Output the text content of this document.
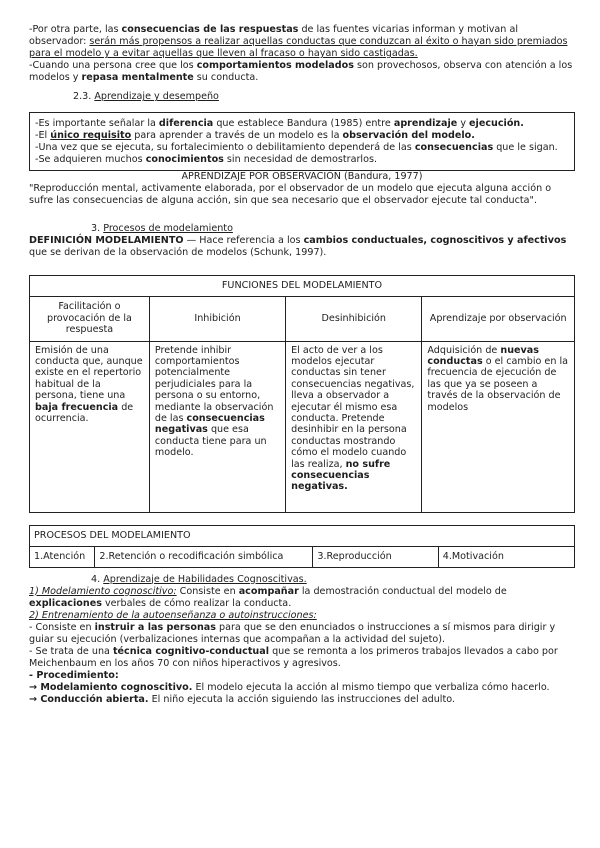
-Por otra parte, las consecuencias de las respuestas de las fuentes vicarias informan y motivan al observador: serán más propensos a realizar aquellas conductas que conduzcan al éxito o hayan sido premiados para el modelo y a evitar aquellas que lleven al fracaso o hayan sido castigadas.

-Cuando una persona cree que los comportamientos modelados son provechosos, observa con atención a los modelos y repasa mentalmente su conducta.

2.3. Aprendizaje y desempeño

-Es importante señalar la diferencia que establece Bandura (1985) entre aprendizaje y ejecución.

-El único requisito para aprender a través de un modelo es la observación del modelo.

-Una vez que se ejecuta, su fortalecimiento o debilitamiento dependerá de las consecuencias que le sigan.

-Se adquieren muchos conocimientos sin necesidad de demostrarlos.

APRENDIZAJE POR OBSERVACIÓN (Bandura, 1977)

"Reproducción mental, activamente elaborada, por el observador de un modelo que ejecuta alguna acción o sufre las consecuencias de alguna acción, sin que sea necesario que el observador ejecute tal conducta".

3. Procesos de modelamiento

DEFINICIÓN MODELAMIENTO — Hace referencia a los cambios conductuales, cognoscitivos y afectivos que se derivan de la observación de modelos (Schunk, 1997).

FUNCIONES DEL MODELAMIENTO			
Facilitación o provocación de la respuesta	Inhibición	Desinhibición	Aprendizaje por observación
Emisión de una conducta que, aunque existe en el repertorio habitual de la persona, tiene una baja frecuencia de ocurrencia.	Pretende inhibir comportamientos potencialmente perjudiciales para la persona o su entorno, mediante la observación de las consecuencias negativas que esa conducta tiene para un modelo.	El acto de ver a los modelos ejecutar conductas sin tener consecuencias negativas, lleva a observador a ejecutar él mismo esa conducta. Pretende desinhibir en la persona conductas mostrando cómo el modelo cuando las realiza, no sufre consecuencias negativas.	Adquisición de nuevas conductas o el cambio en la frecuencia de ejecución de las que ya se poseen a través de la observación de modelos
PROCESOS DEL MODELAMIENTO
1.Atención	2.Retención o recodificación simbólica	3.Reproducción	4.Motivación

4. Aprendizaje de Habilidades Cognoscitivas.

1) Modelamiento cognoscitivo: Consiste en acompañar la demostración conductual del modelo de explicaciones verbales de cómo realizar la conducta.

2) Entrenamiento de la autoenseñanza o autoinstrucciones:

- Consiste en instruir a las personas para que se den enunciados o instrucciones a sí mismos para dirigir y guiar su ejecución (verbalizaciones internas que acompañan a la actividad del sujeto).

- Se trata de una técnica cognitivo-conductual que se remonta a los primeros trabajos llevados a cabo por Meichenbaum en los años 70 con niños hiperactivos y agresivos.

- Procedimiento:

→ Modelamiento cognoscitivo. El modelo ejecuta la acción al mismo tiempo que verbaliza cómo hacerlo.

→ Conducción abierta. El niño ejecuta la acción siguiendo las instrucciones del adulto.
